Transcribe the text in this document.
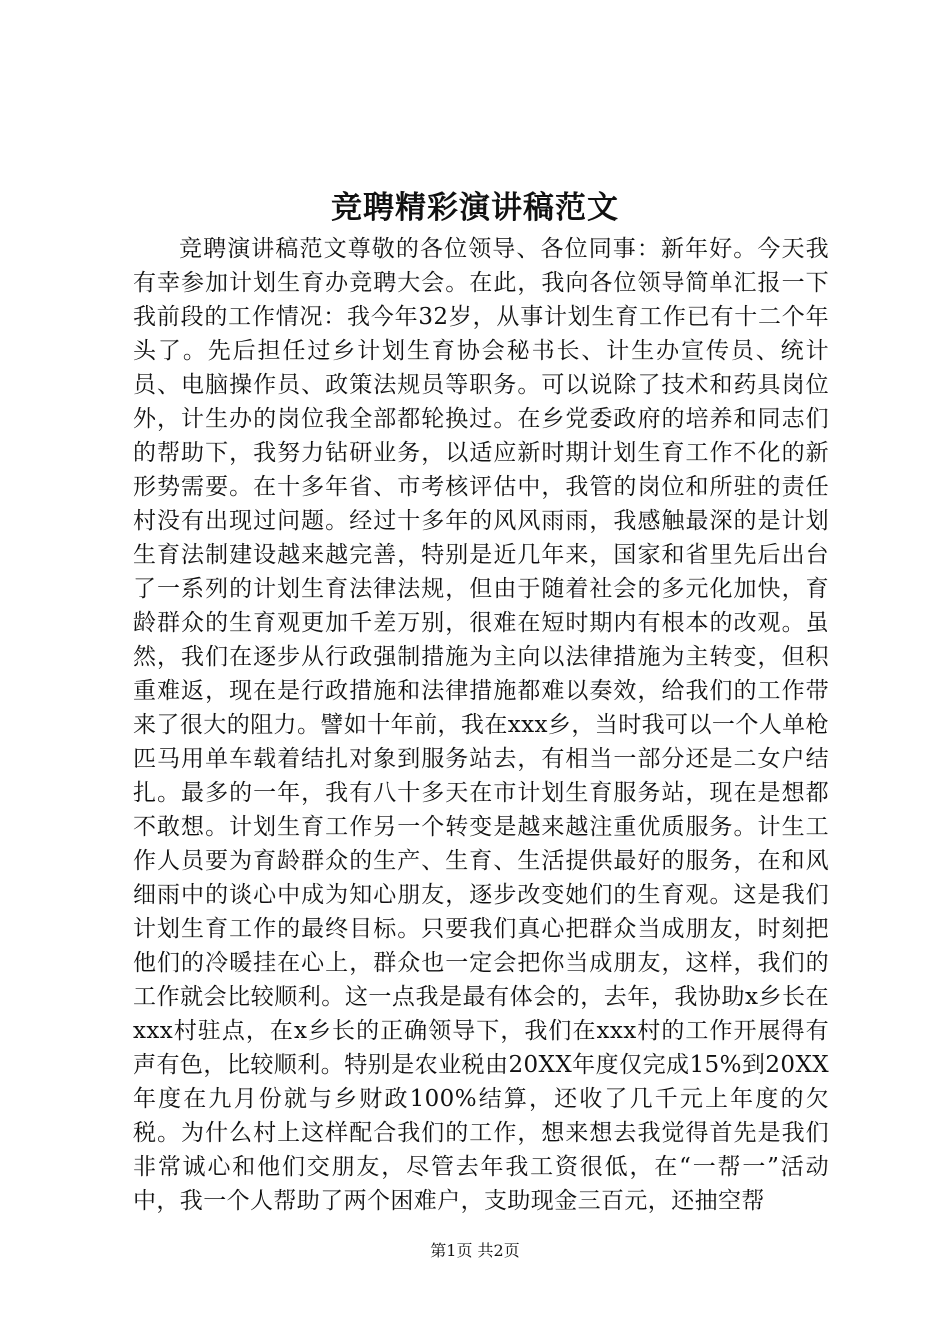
竞聘精彩演讲稿范文

竞聘演讲稿范文尊敬的各位领导、各位同事：新年好。今天我有幸参加计划生育办竞聘大会。在此，我向各位领导简单汇报一下我前段的工作情况：我今年32岁，从事计划生育工作已有十二个年头了。先后担任过乡计划生育协会秘书长、计生办宣传员、统计员、电脑操作员、政策法规员等职务。可以说除了技术和药具岗位外，计生办的岗位我全部都轮换过。在乡党委政府的培养和同志们的帮助下，我努力钻研业务，以适应新时期计划生育工作不化的新形势需要。在十多年省、市考核评估中，我管的岗位和所驻的责任村没有出现过问题。经过十多年的风风雨雨，我感触最深的是计划生育法制建设越来越完善，特别是近几年来，国家和省里先后出台了一系列的计划生育法律法规，但由于随着社会的多元化加快，育龄群众的生育观更加千差万别，很难在短时期内有根本的改观。虽然，我们在逐步从行政强制措施为主向以法律措施为主转变，但积重难返，现在是行政措施和法律措施都难以奏效，给我们的工作带来了很大的阻力。譬如十年前，我在xxx乡，当时我可以一个人单枪匹马用单车载着结扎对象到服务站去，有相当一部分还是二女户结扎。最多的一年，我有八十多天在市计划生育服务站，现在是想都不敢想。计划生育工作另一个转变是越来越注重优质服务。计生工作人员要为育龄群众的生产、生育、生活提供最好的服务，在和风细雨中的谈心中成为知心朋友，逐步改变她们的生育观。这是我们计划生育工作的最终目标。只要我们真心把群众当成朋友，时刻把他们的冷暖挂在心上，群众也一定会把你当成朋友，这样，我们的工作就会比较顺利。这一点我是最有体会的，去年，我协助x乡长在xxx村驻点，在x乡长的正确领导下，我们在xxx村的工作开展得有声有色，比较顺利。特别是农业税由20XX年度仅完成15%到20XX年度在九月份就与乡财政100%结算，还收了几千元上年度的欠税。为什么村上这样配合我们的工作，想来想去我觉得首先是我们非常诚心和他们交朋友，尽管去年我工资很低，在“一帮一”活动中，我一个人帮助了两个困难户，支助现金三百元，还抽空帮

第1页 共2页
